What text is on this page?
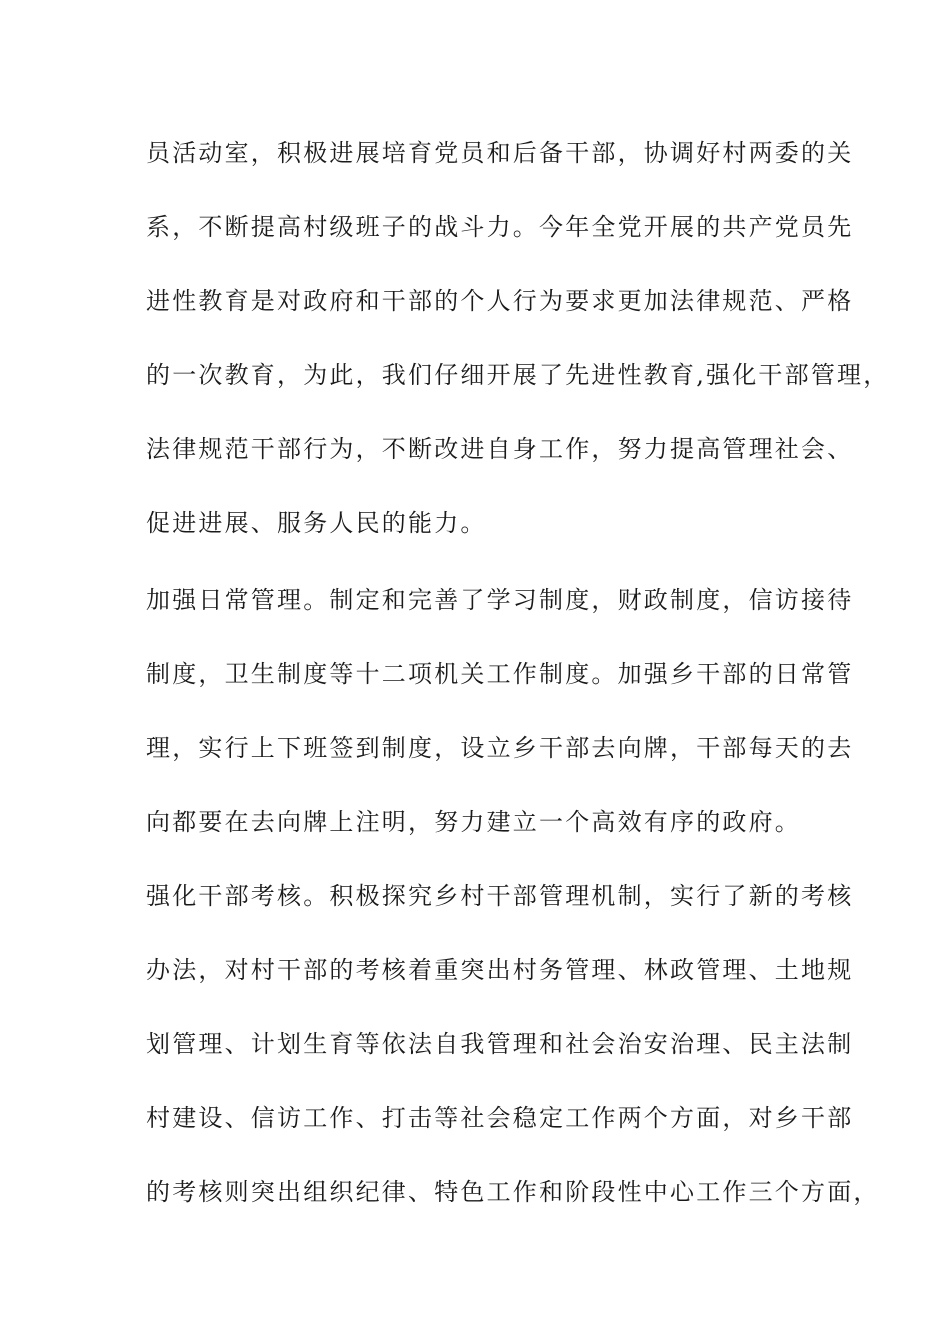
员活动室，积极进展培育党员和后备干部，协调好村两委的关
系，不断提高村级班子的战斗力。今年全党开展的共产党员先
进性教育是对政府和干部的个人行为要求更加法律规范、严格
的一次教育，为此，我们仔细开展了先进性教育,强化干部管理，
法律规范干部行为，不断改进自身工作，努力提高管理社会、
促进进展、服务人民的能力。
加强日常管理。制定和完善了学习制度，财政制度，信访接待
制度，卫生制度等十二项机关工作制度。加强乡干部的日常管
理，实行上下班签到制度，设立乡干部去向牌，干部每天的去
向都要在去向牌上注明，努力建立一个高效有序的政府。
强化干部考核。积极探究乡村干部管理机制，实行了新的考核
办法，对村干部的考核着重突出村务管理、林政管理、土地规
划管理、计划生育等依法自我管理和社会治安治理、民主法制
村建设、信访工作、打击等社会稳定工作两个方面，对乡干部
的考核则突出组织纪律、特色工作和阶段性中心工作三个方面，
